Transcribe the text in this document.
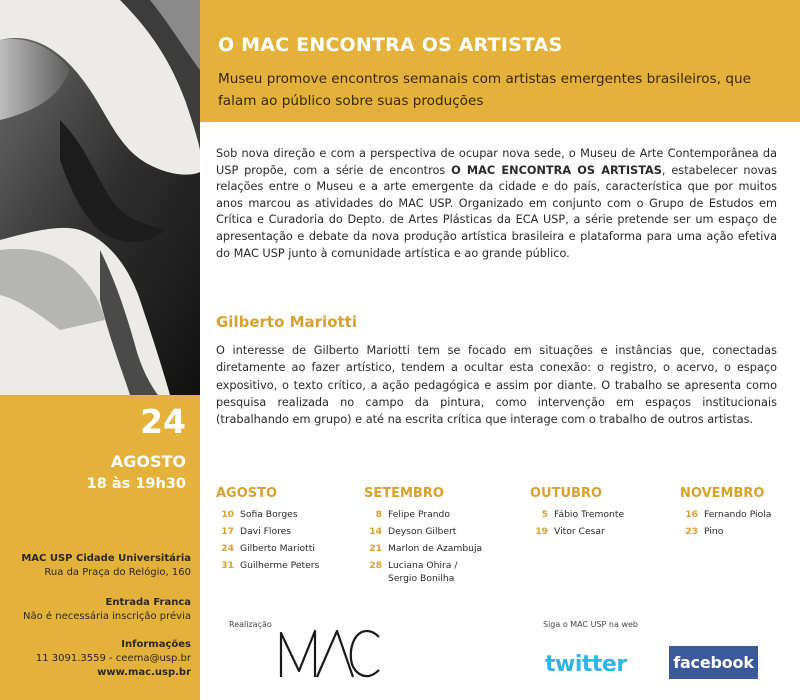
O MAC ENCONTRA OS ARTISTAS
Museu promove encontros semanais com artistas emergentes brasileiros, que falam ao público sobre suas produções
Sob nova direção e com a perspectiva de ocupar nova sede, o Museu de Arte Contemporânea da USP propõe, com a série de encontros O MAC ENCONTRA OS ARTISTAS, estabelecer novas relações entre o Museu e a arte emergente da cidade e do país, característica que por muitos anos marcou as atividades do MAC USP. Organizado em conjunto com o Grupo de Estudos em Crítica e Curadoria do Depto. de Artes Plásticas da ECA USP, a série pretende ser um espaço de apresentação e debate da nova produção artística brasileira e plataforma para uma ação efetiva do MAC USP junto à comunidade artística e ao grande público.
Gilberto Mariotti
O interesse de Gilberto Mariotti tem se focado em situações e instâncias que, conectadas diretamente ao fazer artístico, tendem a ocultar esta conexão: o registro, o acervo, o espaço expositivo, o texto crítico, a ação pedagógica e assim por diante. O trabalho se apresenta como pesquisa realizada no campo da pintura, como intervenção em espaços institucionais (trabalhando em grupo) e até na escrita crítica que interage com o trabalho de outros artistas.
24
AGOSTO
18 às 19h30
MAC USP Cidade Universitária
Rua da Praça do Relógio, 160
Entrada Franca
Não é necessária inscrição prévia
Informações
11 3091.3559 - ceema@usp.br
www.mac.usp.br
AGOSTO
10 Sofia Borges
17 Davi Flores
24 Gilberto Mariotti
31 Guilherme Peters
SETEMBRO
8 Felipe Prando
14 Deyson Gilbert
21 Marlon de Azambuja
28 Luciana Ohira /
Sergio Bonilha
OUTUBRO
5 Fábio Tremonte
19 Vitor Cesar
NOVEMBRO
16 Fernando Piola
23 Pino
Realização	Siga o MAC USP na web
twitter	facebook
